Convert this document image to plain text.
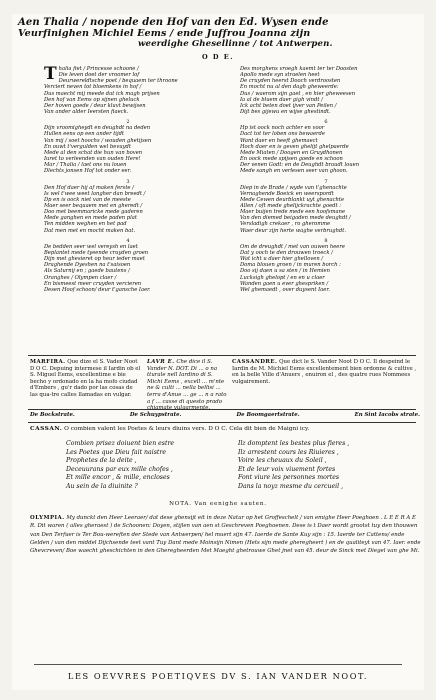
Aen Thalia / nopende den Hof van den Ed. Wysen ende
Veurfinighen Michiel Eems / ende Juffrou Joanna zijn
weerdighe Ghesellinne / tot Antwerpen.
O D E.
T halia fiet / Princesse schoone /
Die leven doet der vroomer lof
Deurwereldtsche poet / bequaem ter throone
Verciert neven tot bloemkens in hof /
Dus maecht mij meede dat ick magh prijsen
Den hof van Eems op sijnen gheluck
Der hoven goede / deur kluvt bewijsen
Van ander alder Ieersten fiaeck.
2
Dijn vroomigheydt en deughdt na deden
Hullen eens op een ander tijdt
Van mij / soet hoochs / wouden ghetijsen
En ouwt t'vergulden wel bevuydt
Mede al den schat die hun van boven
Iuret to verleenden van ouden Here!
Mar / Thalia / laet ons nu louen
Dlechts jonsen Hof tot onder eer.
3
Den Hof daer hij af maken ferste /
Is wel t'wee weet langher dan breedt /
Dp en is oock niet van de meeste
Maer seer bequaem met en gheredt /
Doo met beemmaricke mede gaderen
Mede ganghen en mede paden plat
Ten midden weghen en het pad
Dat men met en mocht maken bat.
4
De bedden seer wel vereysh en laet
Beplantet mede tyeende cruyden groen
Dijn met ghesieret op heur ieder maet
Draghende Dyeshen na t'saisoen
Als Saturnij en ; gaede bautens /
Oranghes / Olympen claer /
En bismeest meer cruyden vercieren
Desen Hoof schoon/ deur t'gansche Iaer.
Des morghens vroegh kaemt ter ter Doosten
Apollo mede syn straelen heet
De cruyden heerst Dooch verdroosten
En mocht nu al den dagh gheweerde:
Dus / waerom sijn gaet , en hier gheweesen
Ia al de bluem daer gigh vindt /
Ick acht beten doet ijver van Peilen /
Dijt bes gijewu en wijse ghestindt.
6
Hp ist oock noch achter en voor
Dact tot ter loben ons bewaerde
Want daer en heeft ghemaect
Hoch daer en is geven ghelijt ghelpaerde
Mede Miaten / Doogen en Gruydhonen
En oock mede spijsen goede en schoon
Der venen Godt: en de Deughdt braudt louen
Mede sangh en verlesen seer van ghoon.
7
Diep in de Brade / wyde van t'ghenachte
Vernaghende Boeick en weerspordt
Mede Cewen deurblankt uyt ghenachte
Allen / oft mede ghelijckrachte goedt :
Maer buijen trede mede een hoofsmane
Van den diemed beigaden mede deughdt /
Versladigh crekaer , ro gheromme
Waer deur zijn herte waghe verbrughdt.
8
Om de dreughdt / met van ouwen heere
Dat y ooch te den drouwen troeck /
Wat icht u daer hier ghelloven /
Doma blouen groen / in muren borch :
Doo sij daen u sa sten / in Hemien
Lucksigh ghelopt / en en u claer
Wanden gaen u ever ghespriken /
Wel ghemaedt , over duysent Iaer.
MARFIRA. Que dize el S. Vader Noot D O C. Depuing intermese il Iardin ob el S. Miguel Eems, excellentime e bie becho y ordonado en la ha mofo ciudad d'Embers , gu'r dado por las cosas de las qua-tre calles llamadas en vulgar.
LAVR E. Che dice il S. Vander N. DOT. Di ... o na tturale nell Iardino di S. Michi Eems , excell ... m'nte ne & culti ... nella bellisi ... terra d'Anue ... ge ... n a rato a f ... casse di questo prado chiamate vulgarmente.
CASSANDRE. Que dict le S. Vander Noot D O C. Il despeind le Iardin de M. Michiel Eems excellentement bien ordonne & cultive , en la belle Ville d'Anuers , enuiron el , des quatre rues Nommees vulgairement.
De Bockstrate.	De Schuypstrate.	De Boomgaertstrate.	En Sint Iacobs strate.
CASSAN. O combien valent les Poetes & leurs diuins vers. D O C. Cela dit bien de Maigni icy.
Combien prisez doiuent bien estre
Les Poetes que Dieu fait naistre
Prophetes de la deite ,
Deceuurans par eux mille chofes ,
Et mille encor , & mille, encloses
Au sein de la diuinite ?
Ilz domptent les bestes plus fieres ,
Ilz arrestent cours les Riuieres ,
Voire les cheuaux du Soleil ,
Et de leur voix viuement fortes
Font viure les personnes mortes
Dans la noyz mesme du cercueil ,
NOTA. Van eenighe sauten.
OLYMPIA. My dunckt den Heer Leeraer/ dat dese ghensijt eit in deze Natur op het Groffeschelt / van emighe Heer Poeghoen . L E E R A E R. Dit waren ( alles gheraest ) de Schoonen: Doyen, stijlen van aen st Geschreven Poeghoenen. Dese is t Daer wordt grootst tuy den thouwen van Den Terfuer is Ter Bou-wereften der Stede van Antwerpen/ hel muert sijn 47. Iaerde de Sante Kuy sijn : 15. Iaerde ter Cattens/ ende Gelden / van den middel Dijchsende teet vant Tuy Dant mede Moinsijn Nimen (Hets sijn mede gheregheert ) en de qualiteyt van 47. Iaer. ende Ghevcreven/ Boe waecht gheschichten in den Gheregheerden Met Maeght ghetrouwe Ghet jnet van 45. deur de Sinck met Diegel van ghe Mi.
LES OEVVRES POETIQVES DV S. IAN VANDER NOOT.
